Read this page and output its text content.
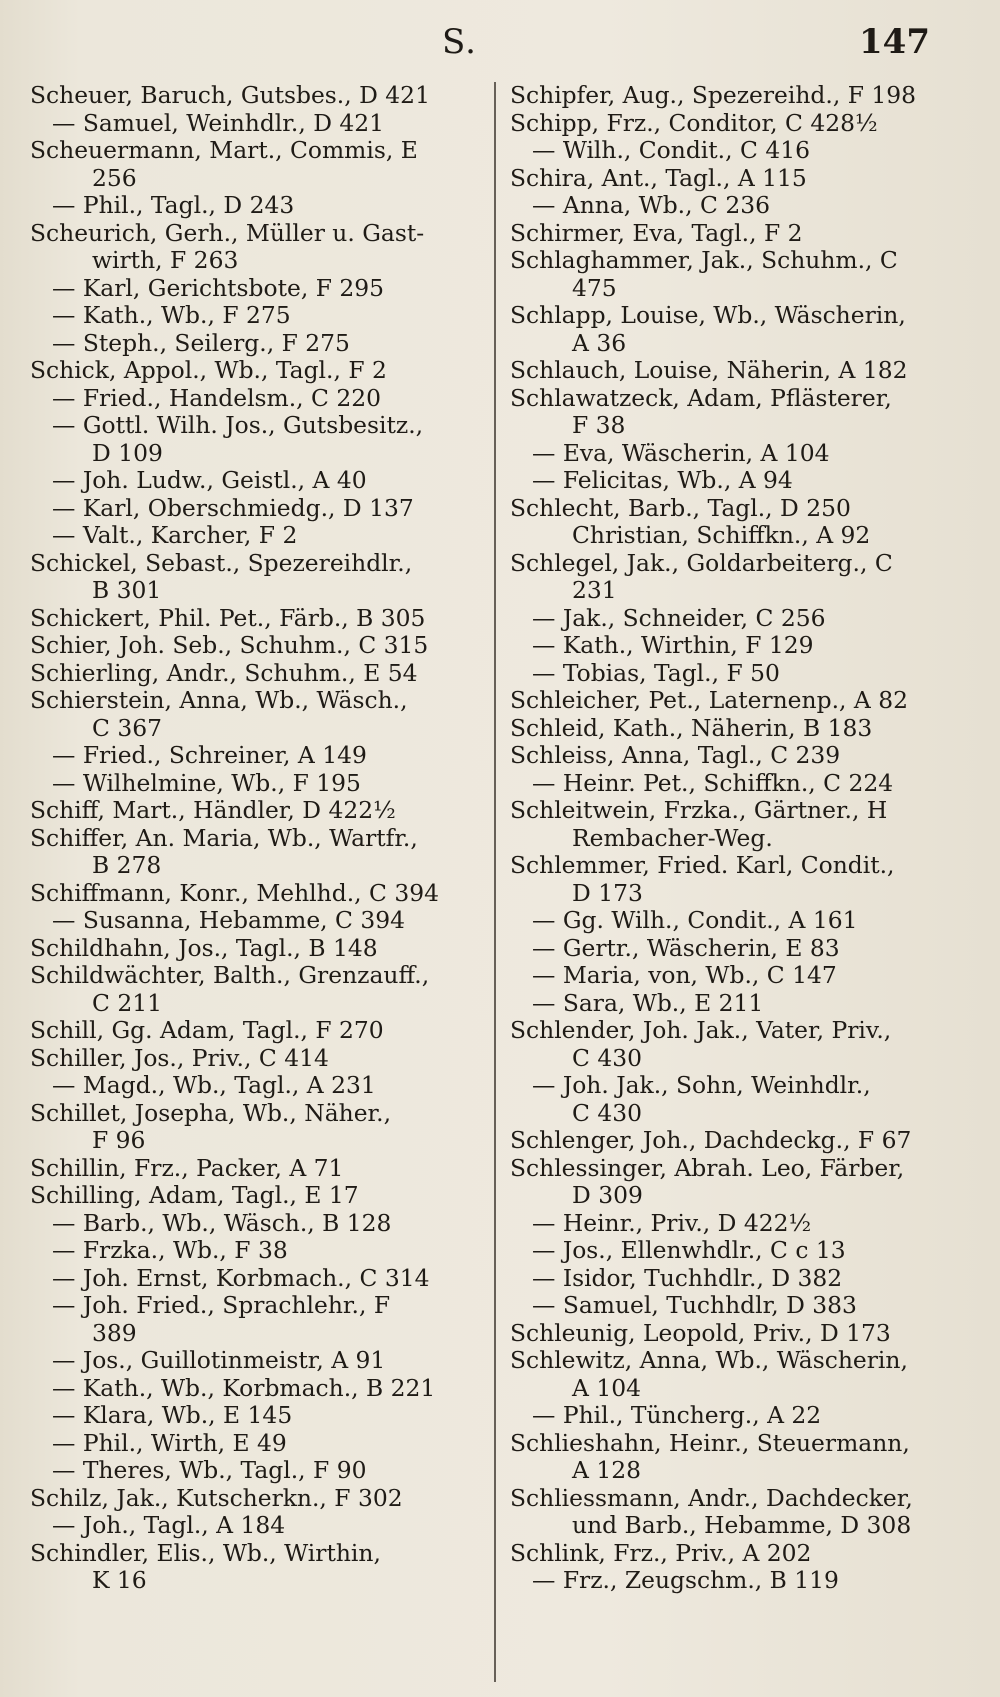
S.	147
Scheuer, Baruch, Gutsbes., D 421
— Samuel, Weinhdlr., D 421
Scheuermann, Mart., Commis, E
256
— Phil., Tagl., D 243
Scheurich, Gerh., Müller u. Gast-
wirth, F 263
— Karl, Gerichtsbote, F 295
— Kath., Wb., F 275
— Steph., Seilerg., F 275
Schick, Appol., Wb., Tagl., F 2
— Fried., Handelsm., C 220
— Gottl. Wilh. Jos., Gutsbesitz.,
D 109
— Joh. Ludw., Geistl., A 40
— Karl, Oberschmiedg., D 137
— Valt., Karcher, F 2
Schickel, Sebast., Spezereihdlr.,
B 301
Schickert, Phil. Pet., Färb., B 305
Schier, Joh. Seb., Schuhm., C 315
Schierling, Andr., Schuhm., E 54
Schierstein, Anna, Wb., Wäsch.,
C 367
— Fried., Schreiner, A 149
— Wilhelmine, Wb., F 195
Schiff, Mart., Händler, D 422½
Schiffer, An. Maria, Wb., Wartfr.,
B 278
Schiffmann, Konr., Mehlhd., C 394
— Susanna, Hebamme, C 394
Schildhahn, Jos., Tagl., B 148
Schildwächter, Balth., Grenzauff.,
C 211
Schill, Gg. Adam, Tagl., F 270
Schiller, Jos., Priv., C 414
— Magd., Wb., Tagl., A 231
Schillet, Josepha, Wb., Näher.,
F 96
Schillin, Frz., Packer, A 71
Schilling, Adam, Tagl., E 17
— Barb., Wb., Wäsch., B 128
— Frzka., Wb., F 38
— Joh. Ernst, Korbmach., C 314
— Joh. Fried., Sprachlehr., F
389
— Jos., Guillotinmeistr, A 91
— Kath., Wb., Korbmach., B 221
— Klara, Wb., E 145
— Phil., Wirth, E 49
— Theres, Wb., Tagl., F 90
Schilz, Jak., Kutscherkn., F 302
— Joh., Tagl., A 184
Schindler, Elis., Wb., Wirthin,
K 16
Schipfer, Aug., Spezereihd., F 198
Schipp, Frz., Conditor, C 428½
— Wilh., Condit., C 416
Schira, Ant., Tagl., A 115
— Anna, Wb., C 236
Schirmer, Eva, Tagl., F 2
Schlaghammer, Jak., Schuhm., C
475
Schlapp, Louise, Wb., Wäscherin,
A 36
Schlauch, Louise, Näherin, A 182
Schlawatzeck, Adam, Pflästerer,
F 38
— Eva, Wäscherin, A 104
— Felicitas, Wb., A 94
Schlecht, Barb., Tagl., D 250
Christian, Schiffkn., A 92
Schlegel, Jak., Goldarbeiterg., C
231
— Jak., Schneider, C 256
— Kath., Wirthin, F 129
— Tobias, Tagl., F 50
Schleicher, Pet., Laternenp., A 82
Schleid, Kath., Näherin, B 183
Schleiss, Anna, Tagl., C 239
— Heinr. Pet., Schiffkn., C 224
Schleitwein, Frzka., Gärtner., H
Rembacher-Weg.
Schlemmer, Fried. Karl, Condit.,
D 173
— Gg. Wilh., Condit., A 161
— Gertr., Wäscherin, E 83
— Maria, von, Wb., C 147
— Sara, Wb., E 211
Schlender, Joh. Jak., Vater, Priv.,
C 430
— Joh. Jak., Sohn, Weinhdlr.,
C 430
Schlenger, Joh., Dachdeckg., F 67
Schlessinger, Abrah. Leo, Färber,
D 309
— Heinr., Priv., D 422½
— Jos., Ellenwhdlr., C c 13
— Isidor, Tuchhdlr., D 382
— Samuel, Tuchhdlr, D 383
Schleunig, Leopold, Priv., D 173
Schlewitz, Anna, Wb., Wäscherin,
A 104
— Phil., Tüncherg., A 22
Schlieshahn, Heinr., Steuermann,
A 128
Schliessmann, Andr., Dachdecker,
und Barb., Hebamme, D 308
Schlink, Frz., Priv., A 202
— Frz., Zeugschm., B 119
